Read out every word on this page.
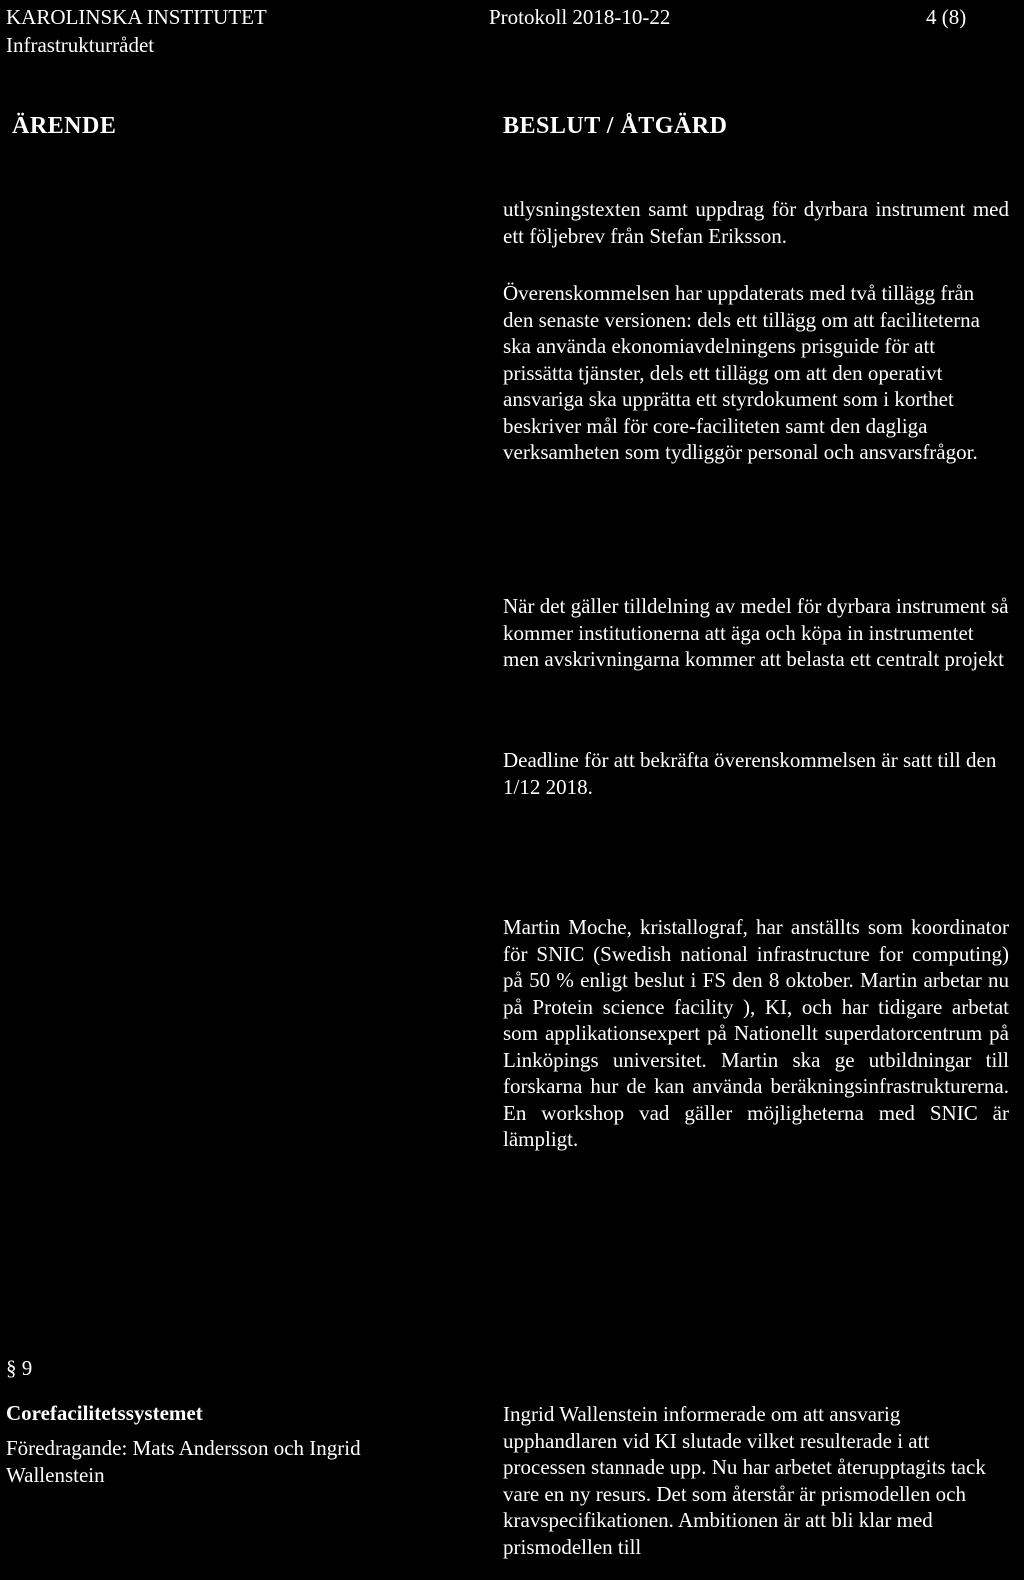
KAROLINSKA INSTITUTET
Infrastrukturrådet
Protokoll 2018-10-22	4 (8)
ÄRENDE	BESLUT / ÅTGÄRD
utlysningstexten samt uppdrag för dyrbara instrument med ett följebrev från Stefan Eriksson.
Överenskommelsen har uppdaterats med två tillägg från den senaste versionen: dels ett tillägg om att faciliteterna ska använda ekonomiavdelningens prisguide för att prissätta tjänster, dels ett tillägg om att den operativt ansvariga ska upprätta ett styrdokument som i korthet beskriver mål för core-faciliteten samt den dagliga verksamheten som tydliggör personal och ansvarsfrågor.
När det gäller tilldelning av medel för dyrbara instrument så kommer institutionerna att äga och köpa in instrumentet men avskrivningarna kommer att belasta ett centralt projekt
Deadline för att bekräfta överenskommelsen är satt till den 1/12 2018.
Martin Moche, kristallograf, har anställts som koordinator för SNIC (Swedish national infrastructure for computing) på 50 % enligt beslut i FS den 8 oktober. Martin arbetar nu på Protein science facility ), KI, och har tidigare arbetat som applikationsexpert på Nationellt superdatorcentrum på Linköpings universitet. Martin ska ge utbildningar till forskarna hur de kan använda beräkningsinfrastrukturerna. En workshop vad gäller möjligheterna med SNIC är lämpligt.
§ 9
Corefacilitetssystemet
Föredragande: Mats Andersson och Ingrid Wallenstein
Ingrid Wallenstein informerade om att ansvarig upphandlaren vid KI slutade vilket resulterade i att processen stannade upp. Nu har arbetet återupptagits tack vare en ny resurs. Det som återstår är prismodellen och kravspecifikationen. Ambitionen är att bli klar med prismodellen till
